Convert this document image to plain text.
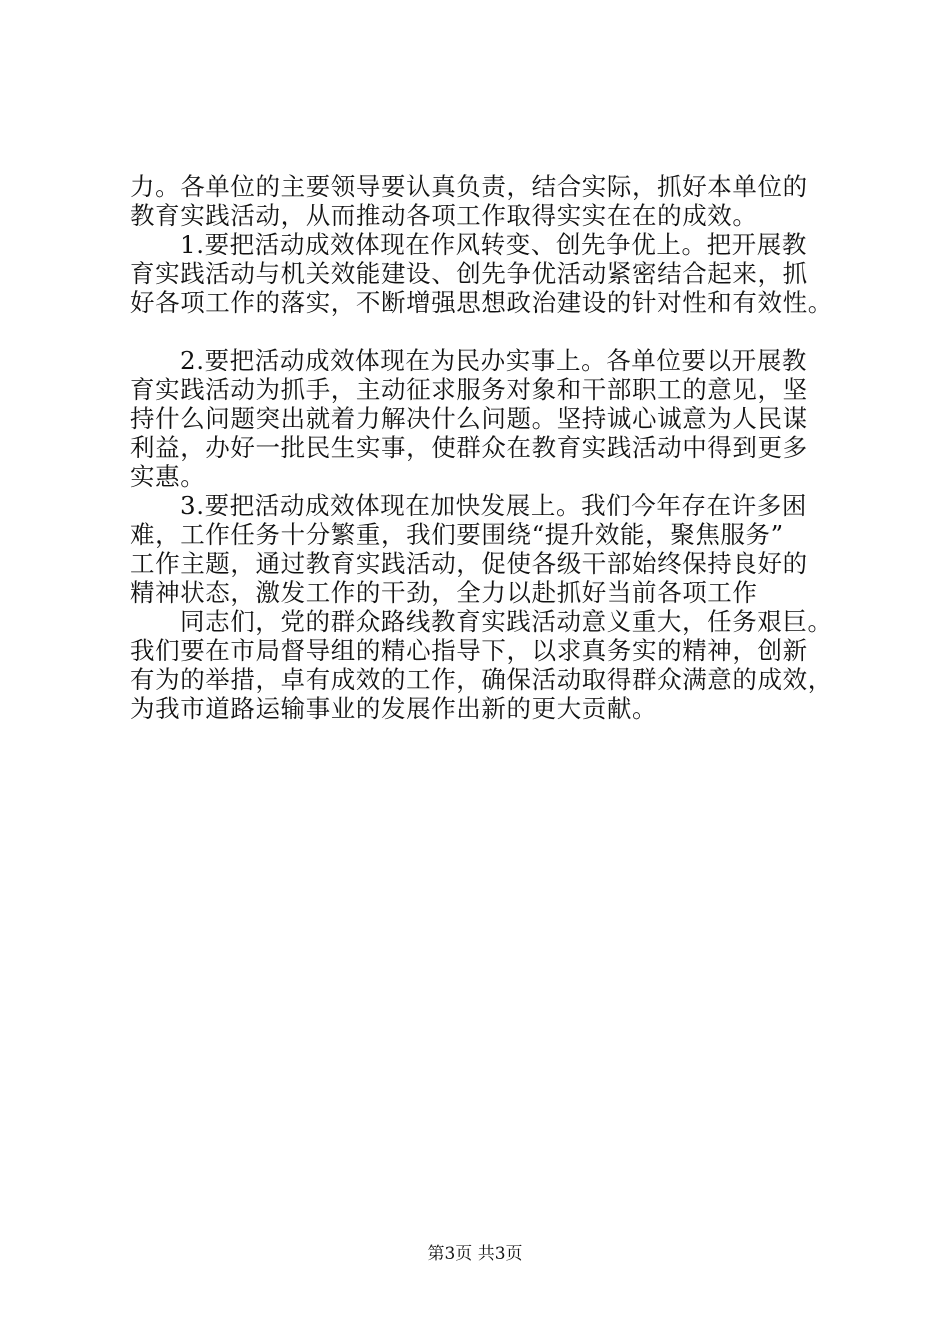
力。各单位的主要领导要认真负责，结合实际，抓好本单位的
教育实践活动，从而推动各项工作取得实实在在的成效。
1.要把活动成效体现在作风转变、创先争优上。把开展教
育实践活动与机关效能建设、创先争优活动紧密结合起来，抓
好各项工作的落实，不断增强思想政治建设的针对性和有效性。
2.要把活动成效体现在为民办实事上。各单位要以开展教
育实践活动为抓手，主动征求服务对象和干部职工的意见，坚
持什么问题突出就着力解决什么问题。坚持诚心诚意为人民谋
利益，办好一批民生实事，使群众在教育实践活动中得到更多
实惠。
3.要把活动成效体现在加快发展上。我们今年存在许多困
难，工作任务十分繁重，我们要围绕“提升效能，聚焦服务”
工作主题，通过教育实践活动，促使各级干部始终保持良好的
精神状态，激发工作的干劲，全力以赴抓好当前各项工作
同志们，党的群众路线教育实践活动意义重大，任务艰巨。
我们要在市局督导组的精心指导下，以求真务实的精神，创新
有为的举措，卓有成效的工作，确保活动取得群众满意的成效，
为我市道路运输事业的发展作出新的更大贡献。
第3页 共3页
